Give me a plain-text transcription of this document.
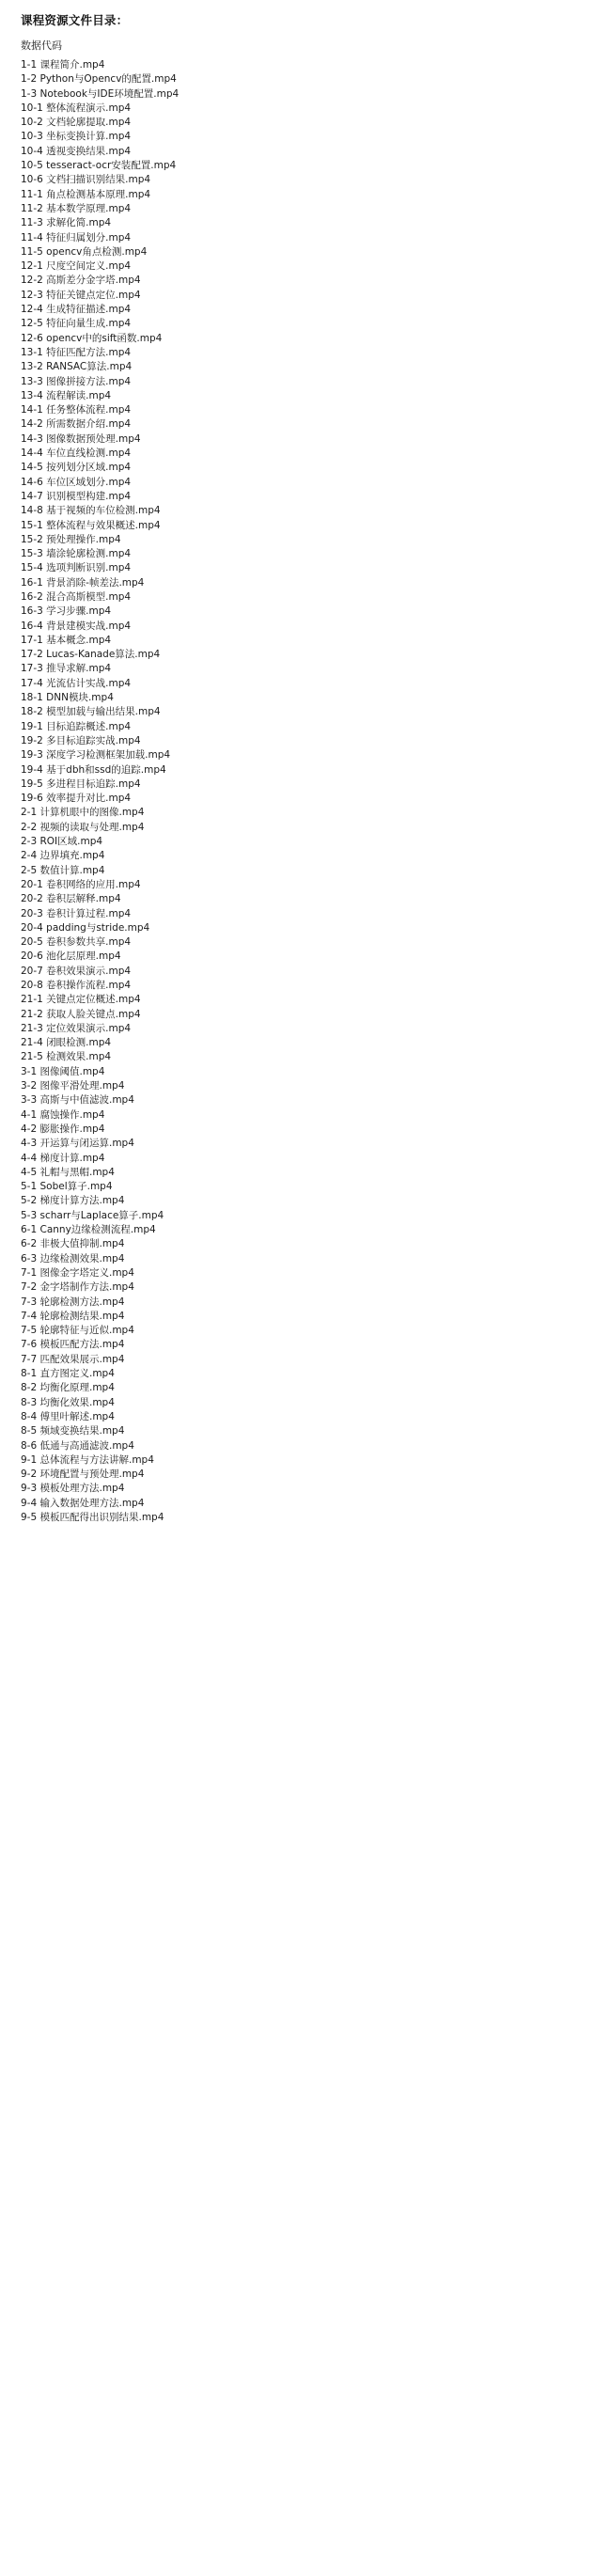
课程资源文件目录：
数据代码
1-1 课程简介.mp4
1-2 Python与Opencv的配置.mp4
1-3 Notebook与IDE环境配置.mp4
10-1 整体流程演示.mp4
10-2 文档轮廓提取.mp4
10-3 坐标变换计算.mp4
10-4 透视变换结果.mp4
10-5 tesseract-ocr安装配置.mp4
10-6 文档扫描识别结果.mp4
11-1 角点检测基本原理.mp4
11-2 基本数学原理.mp4
11-3 求解化简.mp4
11-4 特征归属划分.mp4
11-5 opencv角点检测.mp4
12-1 尺度空间定义.mp4
12-2 高斯差分金字塔.mp4
12-3 特征关键点定位.mp4
12-4 生成特征描述.mp4
12-5 特征向量生成.mp4
12-6 opencv中的sift函数.mp4
13-1 特征匹配方法.mp4
13-2 RANSAC算法.mp4
13-3 图像拼接方法.mp4
13-4 流程解读.mp4
14-1 任务整体流程.mp4
14-2 所需数据介绍.mp4
14-3 图像数据预处理.mp4
14-4 车位直线检测.mp4
14-5 按列划分区域.mp4
14-6 车位区域划分.mp4
14-7 识别模型构建.mp4
14-8 基于视频的车位检测.mp4
15-1 整体流程与效果概述.mp4
15-2 预处理操作.mp4
15-3 墙涂轮廓检测.mp4
15-4 选项判断识别.mp4
16-1 背景消除-帧差法.mp4
16-2 混合高斯模型.mp4
16-3 学习步骤.mp4
16-4 背景建模实战.mp4
17-1 基本概念.mp4
17-2 Lucas-Kanade算法.mp4
17-3 推导求解.mp4
17-4 光流估计实战.mp4
18-1 DNN模块.mp4
18-2 模型加载与输出结果.mp4
19-1 目标追踪概述.mp4
19-2 多目标追踪实战.mp4
19-3 深度学习检测框架加载.mp4
19-4 基于dbh和ssd的追踪.mp4
19-5 多进程目标追踪.mp4
19-6 效率提升对比.mp4
2-1 计算机眼中的图像.mp4
2-2 视频的读取与处理.mp4
2-3 ROI区域.mp4
2-4 边界填充.mp4
2-5 数值计算.mp4
20-1 卷积网络的应用.mp4
20-2 卷积层解释.mp4
20-3 卷积计算过程.mp4
20-4 padding与stride.mp4
20-5 卷积参数共享.mp4
20-6 池化层原理.mp4
20-7 卷积效果演示.mp4
20-8 卷积操作流程.mp4
21-1 关键点定位概述.mp4
21-2 获取人脸关键点.mp4
21-3 定位效果演示.mp4
21-4 闭眼检测.mp4
21-5 检测效果.mp4
3-1 图像阈值.mp4
3-2 图像平滑处理.mp4
3-3 高斯与中值滤波.mp4
4-1 腐蚀操作.mp4
4-2 膨胀操作.mp4
4-3 开运算与闭运算.mp4
4-4 梯度计算.mp4
4-5 礼帽与黑帽.mp4
5-1 Sobel算子.mp4
5-2 梯度计算方法.mp4
5-3 scharr与Laplace算子.mp4
6-1 Canny边缘检测流程.mp4
6-2 非极大值抑制.mp4
6-3 边缘检测效果.mp4
7-1 图像金字塔定义.mp4
7-2 金字塔制作方法.mp4
7-3 轮廓检测方法.mp4
7-4 轮廓检测结果.mp4
7-5 轮廓特征与近似.mp4
7-6 模板匹配方法.mp4
7-7 匹配效果展示.mp4
8-1 直方图定义.mp4
8-2 均衡化原理.mp4
8-3 均衡化效果.mp4
8-4 傅里叶解述.mp4
8-5 频域变换结果.mp4
8-6 低通与高通滤波.mp4
9-1 总体流程与方法讲解.mp4
9-2 环境配置与预处理.mp4
9-3 模板处理方法.mp4
9-4 输入数据处理方法.mp4
9-5 模板匹配得出识别结果.mp4
